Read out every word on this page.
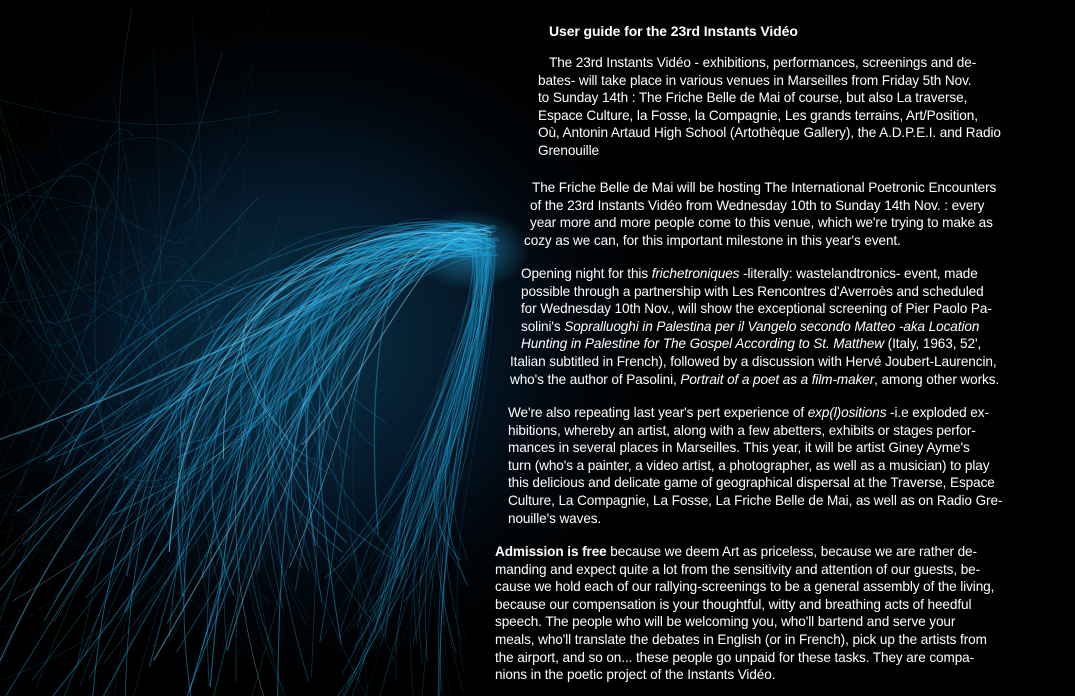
User guide for the 23rd Instants Vidéo

The 23rd Instants Vidéo - exhibitions, performances, screenings and de-
bates- will take place in various venues in Marseilles from Friday 5th Nov.
to Sunday 14th : The Friche Belle de Mai of course, but also La traverse,
Espace Culture, la Fosse, la Compagnie, Les grands terrains, Art/Position,
Où, Antonin Artaud High School (Artothèque Gallery), the A.D.P.E.I. and Radio
Grenouille

The Friche Belle de Mai will be hosting The International Poetronic Encounters
of the 23rd Instants Vidéo from Wednesday 10th to Sunday 14th Nov. : every
year more and more people come to this venue, which we're trying to make as
cozy as we can, for this important milestone in this year's event.

Opening night for this frichetroniques -literally: wastelandtronics- event, made
possible through a partnership with Les Rencontres d'Averroès and scheduled
for Wednesday 10th Nov., will show the exceptional screening of Pier Paolo Pa-
solini's Sopralluoghi in Palestina per il Vangelo secondo Matteo -aka Location
Hunting in Palestine for The Gospel According to St. Matthew (Italy, 1963, 52',
Italian subtitled in French), followed by a discussion with Hervé Joubert-Laurencin,
who's the author of Pasolini, Portrait of a poet as a film-maker, among other works.

We're also repeating last year's pert experience of exp(l)ositions -i.e exploded ex-
hibitions, whereby an artist, along with a few abetters, exhibits or stages perfor-
mances in several places in Marseilles. This year, it will be artist Giney Ayme's
turn (who's a painter, a video artist, a photographer, as well as a musician) to play
this delicious and delicate game of geographical dispersal at the Traverse, Espace
Culture, La Compagnie, La Fosse, La Friche Belle de Mai, as well as on Radio Gre-
nouille's waves.

Admission is free because we deem Art as priceless, because we are rather de-
manding and expect quite a lot from the sensitivity and attention of our guests, be-
cause we hold each of our rallying-screenings to be a general assembly of the living,
because our compensation is your thoughtful, witty and breathing acts of heedful
speech. The people who will be welcoming you, who'll bartend and serve your
meals, who'll translate the debates in English (or in French), pick up the artists from
the airport, and so on... these people go unpaid for these tasks. They are compa-
nions in the poetic project of the Instants Vidéo.
